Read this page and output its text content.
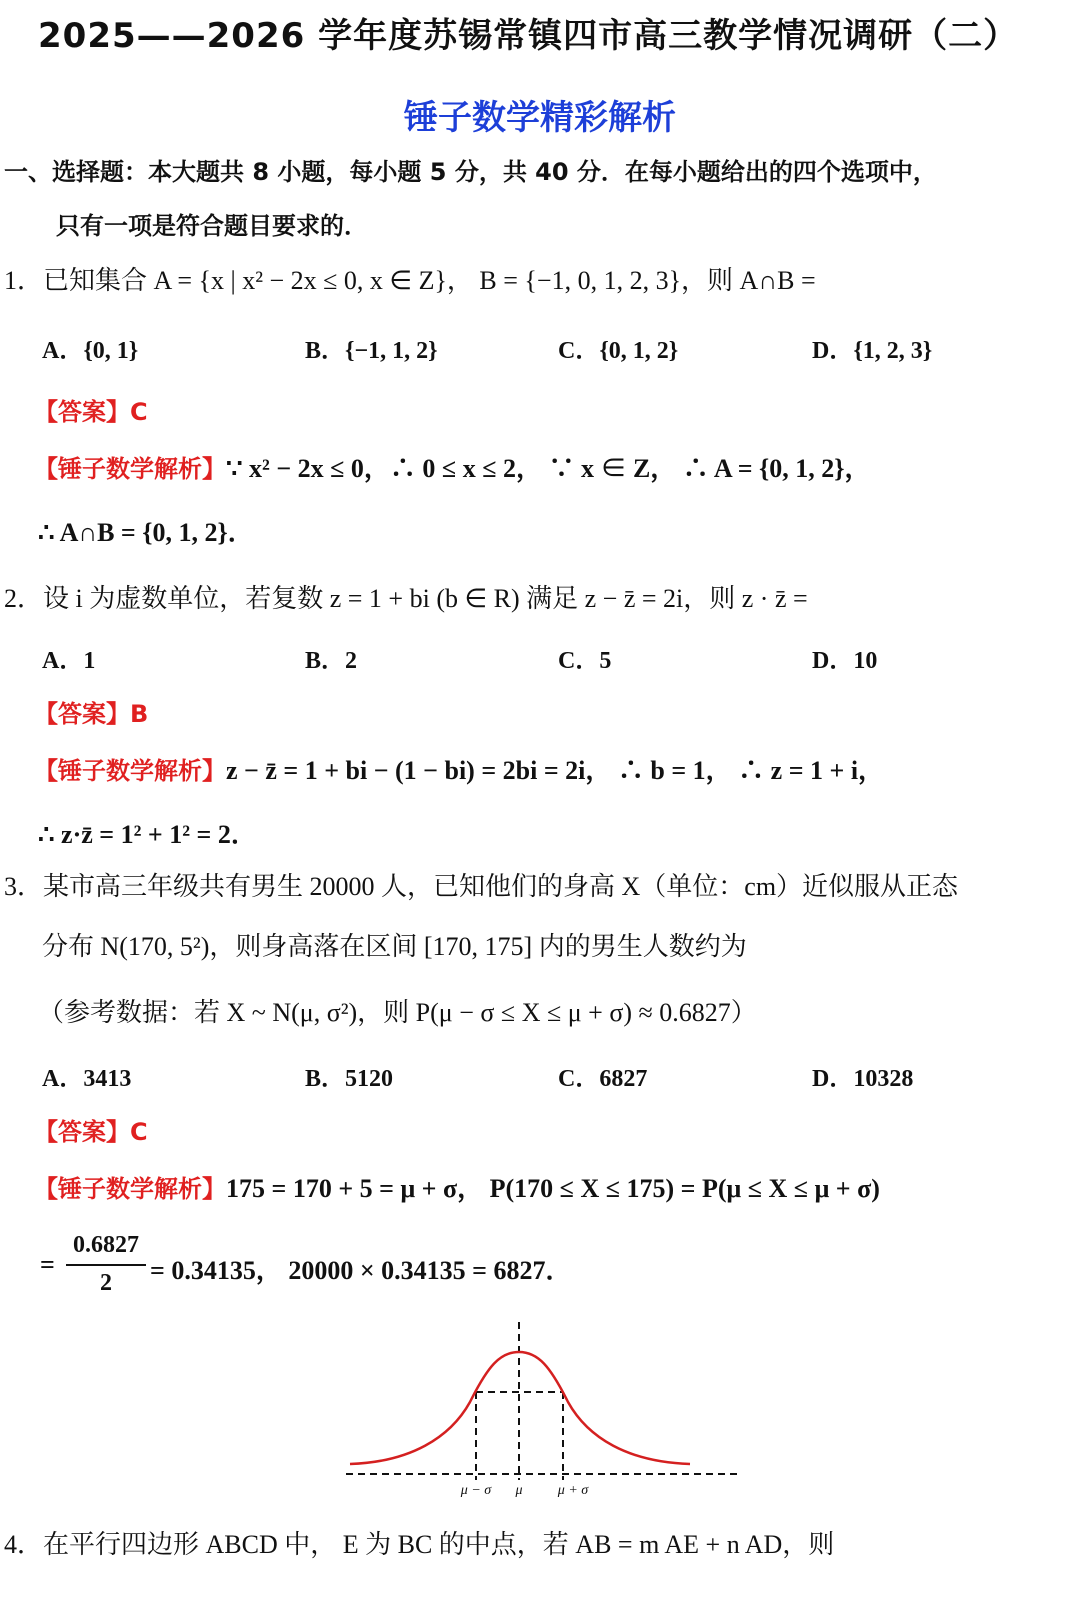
2025——2026 学年度苏锡常镇四市高三教学情况调研（二）
锤子数学精彩解析
一、选择题：本大题共 8 小题，每小题 5 分，共 40 分．在每小题给出的四个选项中，
只有一项是符合题目要求的．
1．已知集合 A = {x | x² − 2x ≤ 0, x ∈ Z}， B = {−1, 0, 1, 2, 3}，则 A∩B =
A．{0, 1}	B．{−1, 1, 2}	C．{0, 1, 2}	D．{1, 2, 3}
【答案】C
【锤子数学解析】∵ x² − 2x ≤ 0，∴ 0 ≤ x ≤ 2， ∵ x ∈ Z， ∴ A = {0, 1, 2}，
∴ A∩B = {0, 1, 2}．
2．设 i 为虚数单位，若复数 z = 1 + bi (b ∈ R) 满足 z − z̄ = 2i，则 z · z̄ =
A．1	B．2	C．5	D．10
【答案】B
【锤子数学解析】z − z̄ = 1 + bi − (1 − bi) = 2bi = 2i， ∴ b = 1， ∴ z = 1 + i，
∴ z·z̄ = 1² + 1² = 2．
3．某市高三年级共有男生 20000 人，已知他们的身高 X（单位：cm）近似服从正态
分布 N(170, 5²)，则身高落在区间 [170, 175] 内的男生人数约为
（参考数据：若 X ~ N(μ, σ²)，则 P(μ − σ ≤ X ≤ μ + σ) ≈ 0.6827）
A．3413	B．5120	C．6827	D．10328
【答案】C
【锤子数学解析】175 = 170 + 5 = μ + σ， P(170 ≤ X ≤ 175) = P(μ ≤ X ≤ μ + σ)
=
0.6827
2	= 0.34135， 20000 × 0.34135 = 6827．
μ − σ μ	μ + σ
4．在平行四边形 ABCD 中， E 为 BC 的中点，若 AB = m AE + n AD，则
